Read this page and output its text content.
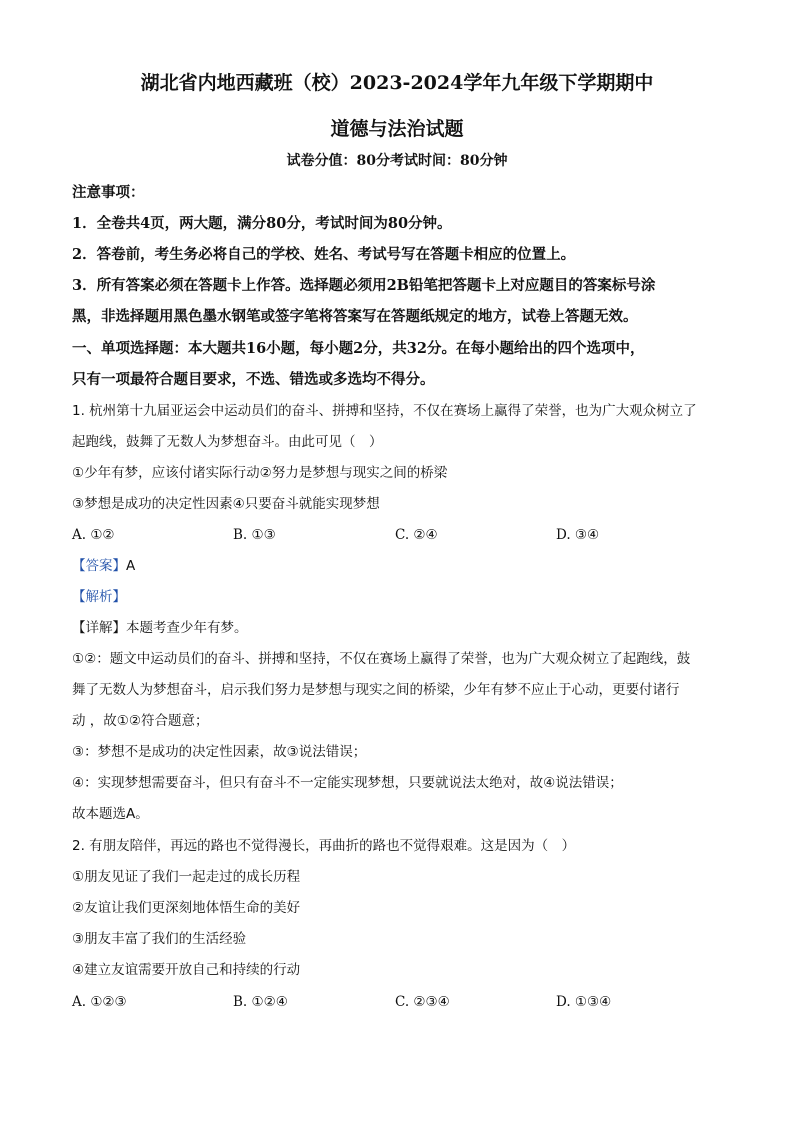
湖北省内地西藏班（校）2023-2024学年九年级下学期期中
道德与法治试题
试卷分值：80分考试时间：80分钟
注意事项：
1．全卷共4页，两大题，满分80分，考试时间为80分钟。
2．答卷前，考生务必将自己的学校、姓名、考试号写在答题卡相应的位置上。
3．所有答案必须在答题卡上作答。选择题必须用2B铅笔把答题卡上对应题目的答案标号涂
黑，非选择题用黑色墨水钢笔或签字笔将答案写在答题纸规定的地方，试卷上答题无效。
一、单项选择题：本大题共16小题，每小题2分，共32分。在每小题给出的四个选项中，
只有一项最符合题目要求，不选、错选或多选均不得分。
1. 杭州第十九届亚运会中运动员们的奋斗、拼搏和坚持，不仅在赛场上赢得了荣誉，也为广大观众树立了
起跑线，鼓舞了无数人为梦想奋斗。由此可见（　）
①少年有梦，应该付诸实际行动②努力是梦想与现实之间的桥梁
③梦想是成功的决定性因素④只要奋斗就能实现梦想
A. ①②	B. ①③	C. ②④	D. ③④
【答案】A
【解析】
【详解】本题考查少年有梦。
①②：题文中运动员们的奋斗、拼搏和坚持，不仅在赛场上赢得了荣誉，也为广大观众树立了起跑线，鼓
舞了无数人为梦想奋斗，启示我们努力是梦想与现实之间的桥梁，少年有梦不应止于心动，更要付诸行
动 ，故①②符合题意；
③：梦想不是成功的决定性因素，故③说法错误；
④：实现梦想需要奋斗，但只有奋斗不一定能实现梦想，只要就说法太绝对，故④说法错误；
故本题选A。
2. 有朋友陪伴，再远的路也不觉得漫长，再曲折的路也不觉得艰难。这是因为（　）
①朋友见证了我们一起走过的成长历程
②友谊让我们更深刻地体悟生命的美好
③朋友丰富了我们的生活经验
④建立友谊需要开放自己和持续的行动
A. ①②③	B. ①②④	C. ②③④	D. ①③④
